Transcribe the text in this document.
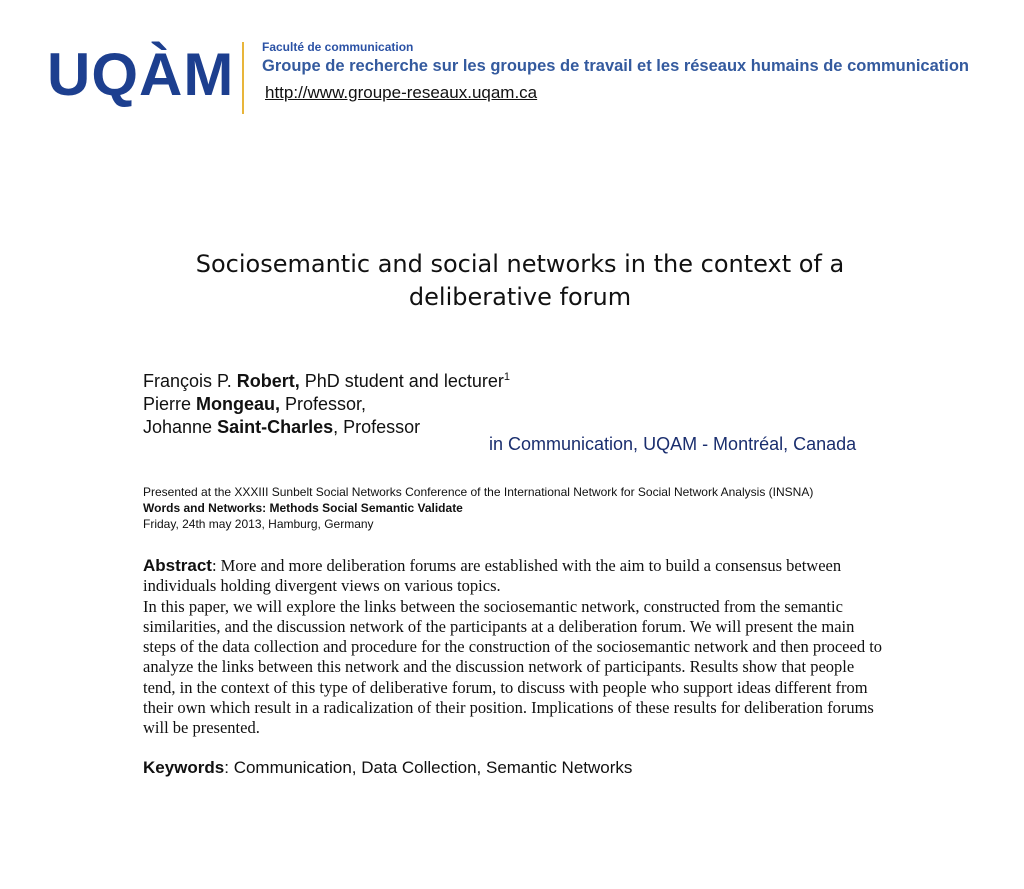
UQÀM Faculté de communication
Groupe de recherche sur les groupes de travail et les réseaux humains de communication
http://www.groupe-reseaux.uqam.ca
Sociosemantic and social networks in the context of a
deliberative forum
François P. Robert, PhD student and lecturer$^1$
Pierre Mongeau, Professor,
Johanne Saint-Charles, Professor
in Communication, UQAM - Montréal, Canada
Presented at the XXXIII Sunbelt Social Networks Conference of the International Network for Social Network Analysis (INSNA)
Words and Networks: Methods Social Semantic Validate
Friday, 24th may 2013, Hamburg, Germany
Abstract: More and more deliberation forums are established with the aim to build a consensus between individuals holding divergent views on various topics.
In this paper, we will explore the links between the sociosemantic network, constructed from the semantic similarities, and the discussion network of the participants at a deliberation forum. We will present the main steps of the data collection and procedure for the construction of the sociosemantic network and then proceed to analyze the links between this network and the discussion network of participants. Results show that people tend, in the context of this type of deliberative forum, to discuss with people who support ideas different from their own which result in a radicalization of their position. Implications of these results for deliberation forums will be presented.
Keywords: Communication, Data Collection, Semantic Networks
